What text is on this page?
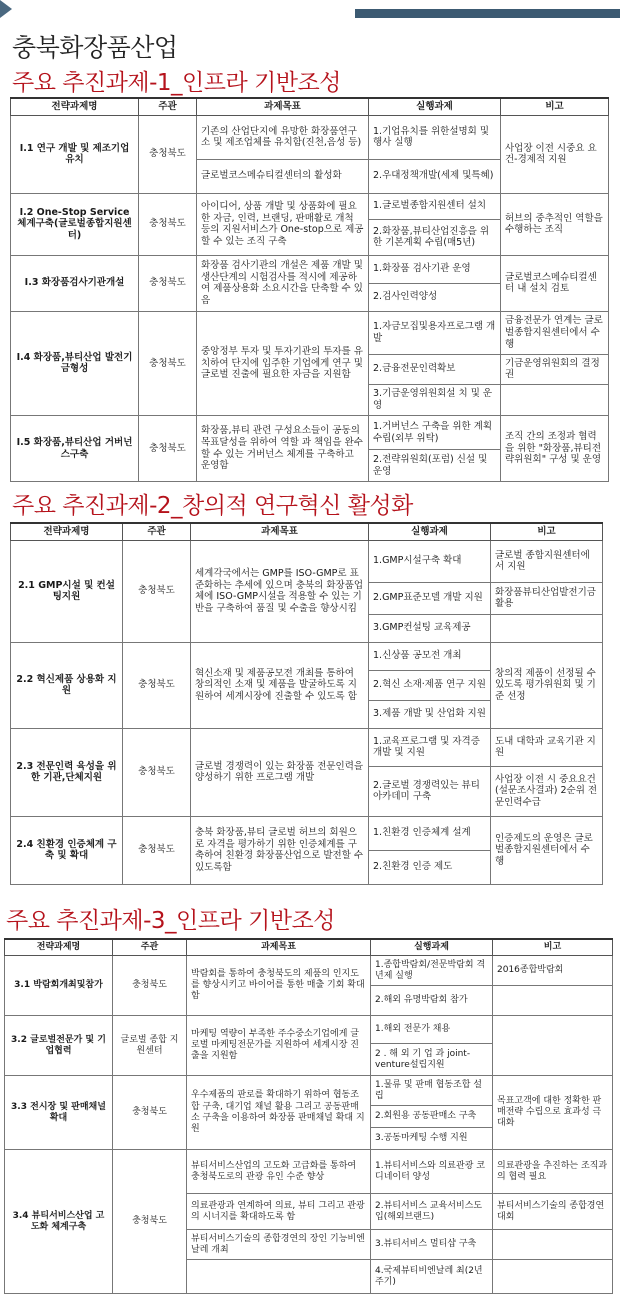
충북화장품산업
주요 추진과제-1_인프라 기반조성
전략과제명	주관	과제목표	실행과제	비고
I.1 연구 개발 및 제조기업 유치	충청북도	기존의 산업단지에 유망한 화장품연구소 및 제조업체를 유치함(진천,음성 등)	1.기업유치를 위한설명회 및 행사 실행	사업장 이전 시중요 요건-경제적 지원
		글로벌코스메슈티컬센터의 활성화	2.우대정책개발(세제 및특혜)	
I.2 One-Stop Service 체계구축(글로벌종합지원센터)	충청북도	아이디어, 상품 개발 및 상품화에 필요한 자금, 인력, 브랜딩, 판매활로 개척 등의 지원서비스가 One-stop으로 제공할 수 있는 조직 구축	1.글로벌종합지원센터 설치	허브의 중추적인 역할을 수행하는 조직
			2.화장품,뷰티산업진흥을 위한 기본계획 수립(매5년)	
I.3 화장품검사기관개설	충청북도	화장품 검사기관의 개설은 제품 개발 및 생산단계의 시험검사를 적시에 제공하여 제품상용화 소요시간을 단축할 수 있음	1.화장품 검사기관 운영	글로벌코스메슈티컬센터 내 설치 검토
			2.검사인력양성	
I.4 화장품,뷰티산업 발전기금형성	충청북도	중앙정부 투자 및 투자기관의 투자를 유치하여 단지에 입주한 기업에게 연구 및 글로벌 진출에 필요한 자금을 지원함	1.자금모집및용자프로그램 개발	금융전문가 연계는 글로벌종합지원센터에서 수행
			2.금융전문인력확보	기금운영위원회의 결정권
			3.기금운영위원회설 치 및 운영	
I.5 화장품,뷰티산업 거버넌스구축	충청북도	화장품,뷰티 관련 구성요소들이 공동의 목표달성을 위하여 역할 과 책임을 완수 할 수 있는 거버넌스 체계를 구축하고 운영함	1.거버넌스 구축을 위한 계획 수립(외부 위탁)	조직 간의 조정과 협력을 위한 "화장품,뷰티전략위원회" 구성 및 운영
			2.전략위원회(포럼) 신설 및 운영	
주요 추진과제-2_창의적 연구혁신 활성화
전략과제명	주관	과제목표	실행과제	비고
2.1 GMP시설 및 컨설팅지원	충청북도	세계각국에서는 GMP를 ISO-GMP로 표준화하는 추세에 있으며 충북의 화장품업체에 ISO-GMP시설을 적용할 수 있는 기반을 구축하여 품질 및 수출을 향상시킴	1.GMP시설구축 확대	글로벌 종합지원센터에서 지원
			2.GMP표준모델 개발 지원	화장품뷰티산업발전기금 활용
			3.GMP컨설팅 교육제공	
2.2 혁신제품 상용화 지원	충청북도	혁신소재 및 제품공모전 개최를 통하여 창의적인 소재 및 제품을 발굴하도록 지원하여 세계시장에 진출할 수 있도록 함	1.신상품 공모전 개최	창의적 제품이 선정될 수 있도록 평가위원회 및 기준 선정
			2.혁신 소재·제품 연구 지원	
			3.제품 개발 및 산업화 지원	
2.3 전문인력 육성을 위한 기관,단체지원	충청북도	글로벌 경쟁력이 있는 화장품 전문인력을 양성하기 위한 프로그램 개발	1.교육프로그램 및 자격증 개발 및 지원	도내 대학과 교육기관 지원
			2.글로벌 경쟁력있는 뷰티아카데미 구축	사업장 이전 시 중요요건(설문조사결과) 2순위 전문인력수급
2.4 친환경 인증체계 구축 및 확대	충청북도	충북 화장품,뷰티 글로벌 허브의 회원으로 자격을 평가하기 위한 인증체계를 구축하여 친환경 화장품산업으로 발전할 수 있도록함	1.친환경 인증체계 설계	인증제도의 운영은 글로벌종합지원센터에서 수행
			2.친환경 인증 제도	
주요 추진과제-3_인프라 기반조성
전략과제명	주관	과제목표	실행과제	비고
3.1 박람회개최및참가	충청북도	박람회를 통하여 충청북도의 제품의 인지도를 향상시키고 바이어를 통한 매출 기회 확대함	1.종합박람회/전문박람회 격년제 실행	2016종합박람회
			2.해외 유명박람회 참가	
3.2 글로벌전문가 및 기업협력	글로벌 종합 지원센터	마케팅 역량이 부족한 주수중소기업에게 글로벌 마케팅전문가를 지원하여 세계시장 진출을 지원함	1.해외 전문가 채용	
			2 . 해 외 기 업 과 joint-venture설립지원	
3.3 전시장 및 판매채널 확대	충청북도	우수제품의 판로를 확대하기 위하여 협동조합 구축, 대기업 채널 활용 그리고 공동판매소 구축을 이용하여 화장품 판매채널 확대 지원	1.물류 및 판매 협동조합 설립	목표고객에 대한 정확한 판매전략 수립으로 효과성 극대화
			2.회원용 공동판매소 구축	
			3.공동마케팅 수행 지원	
3.4 뷰티서비스산업 고도화 체계구축	충청북도	뷰티서비스산업의 고도화 고급화를 통하여 충청북도로의 관광 유인 수준 향상	1.뷰티서비스와 의료관광 코디네이터 양성	의료관광을 추진하는 조직과의 협력 필요
		의료관광과 연계하여 의료, 뷰티 그리고 관광의 시너지를 확대하도록 함	2.뷰티서비스 교육서비스도입(해외브랜드)	뷰티서비스기술의 종합경연대회
		뷰티서비스기술의 종합경연의 장인 기능비엔날레 개최	3.뷰티서비스 멀티샵 구축	
			4.국제뷰티비엔날레 최(2년주기)	
